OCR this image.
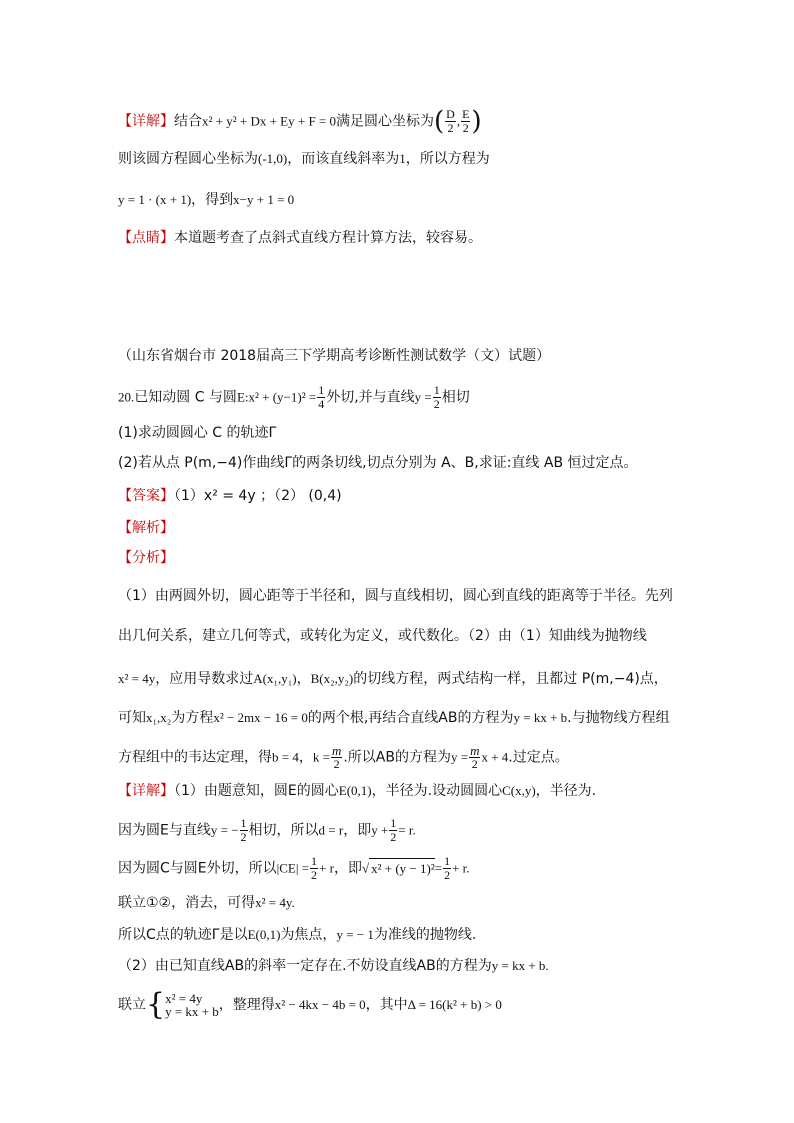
【详解】结合x² + y² + Dx + Ey + F = 0满足圆心坐标为( $\frac{D}{2}$ , $\frac{E}{2}$ )
则该圆方程圆心坐标为(-1,0)，而该直线斜率为1，所以方程为
y = 1 · (x + 1)，得到x−y + 1 = 0
【点睛】本道题考查了点斜式直线方程计算方法，较容易。
（山东省烟台市 2018届高三下学期高考诊断性测试数学（文）试题）
20.已知动圆 C 与圆E:x² + $(y-1)^2 = \frac{1}{4}$ 外切,并与直线$y = \frac{1}{2}$ 相切
(1)求动圆圆心 C 的轨迹Γ
(2)若从点 P(m,−4)作曲线Γ的两条切线,切点分别为 A、B,求证:直线 AB 恒过定点。
【答案】（1）x² = 4y ；（2） (0,4)
【解析】
【分析】
（1）由两圆外切，圆心距等于半径和，圆与直线相切，圆心到直线的距离等于半径。先列
出几何关系，建立几何等式，或转化为定义，或代数化。（2）由（1）知曲线为抛物线
x² = 4y，应用导数求过A(x₁,y₁)，B(x₂,y₂)的切线方程，两式结构一样，且都过 P(m,−4)点，
可知x₁,x₂为方程x² − 2mx − 16 = 0的两个根,再结合直线AB的方程为y = kx + b.与抛物线方程组
方程组中的韦达定理，得b = 4，$k = \frac{m}{2}$ .所以AB的方程为$y = \frac{m}{2}$ x + 4.过定点。
【详解】（1）由题意知，圆E的圆心E(0,1)，半径为.设动圆圆心C(x,y)，半径为.
因为圆E与直线y = − $\frac{1}{2}$ 相切，所以d = r，即$y + \frac{1}{2} = r$.
因为圆C与圆E外切，所以$|CE| = \frac{1}{2} + r$，即√ $x^2 + (y - 1)^2= \frac{1}{2} + r$.
联立①②，消去，可得x² = 4y.
所以C点的轨迹Γ是以E(0,1)为焦点，y = − 1为准线的抛物线.
（2）由已知直线AB的斜率一定存在.不妨设直线AB的方程为y = kx + b.
联立{ x² = 4y
y = kx + b ，整理得x² − 4kx − 4b = 0，其中Δ = 16(k² + b) > 0
